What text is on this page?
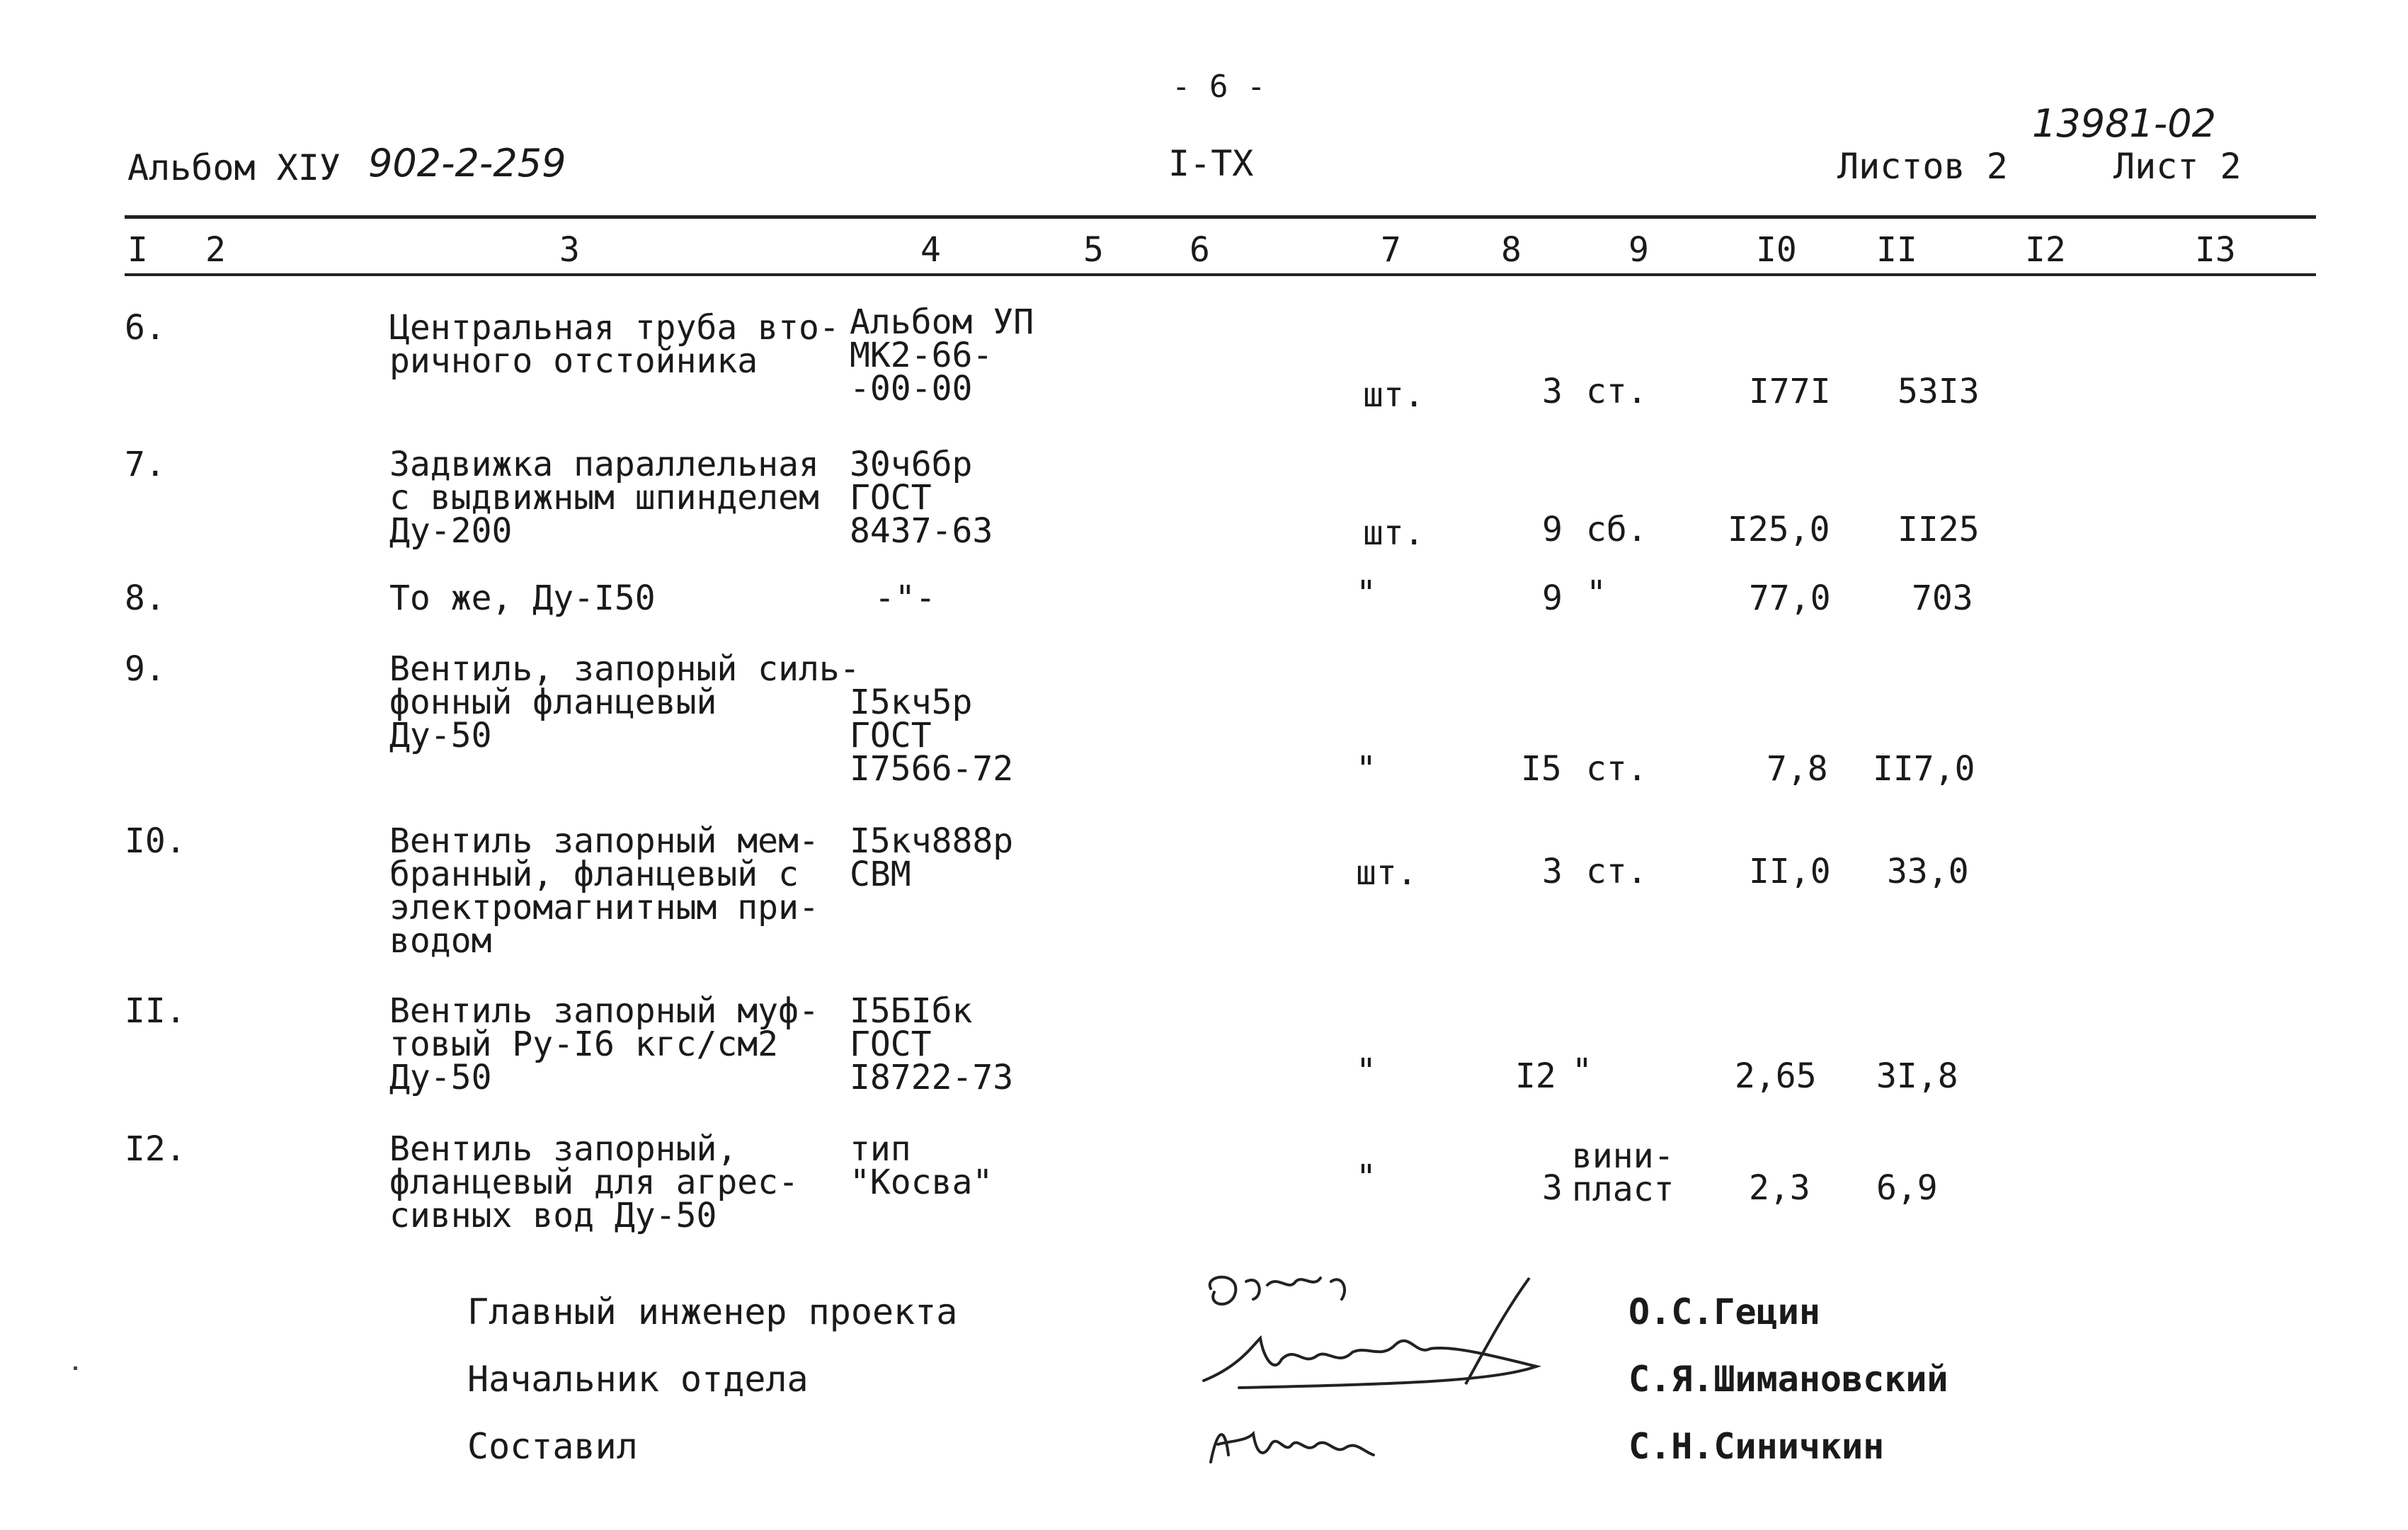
- 6 -
Альбом ХIУ 902-2-259	I-ТХ
13981-02
Листов 2	Лист 2
I 2	3	4	5	6	7	8	9	I0 II	I2	I3
6.	Центральная труба вто-
ричного отстойника
Альбом УП
МК2-66-
-00-00	шт.	3 ст.	I77I 53I3
7.	Задвижка параллельная
с выдвижным шпинделем
Ду-200
30ч6бр
ГОСТ
8437-63	шт.	9 сб. I25,0 II25
8.	То же, Ду-I50	-"-	"	9 "	77,0 703
9.	Вентиль, запорный силь-
фонный фланцевый
Ду-50

I5кч5р
ГОСТ
I7566-72	"	I5 ст.	7,8 II7,0
I0.	Вентиль запорный мем-
бранный, фланцевый с
электромагнитным при-
водом
I5кч888р
СВМ	шт.	3 ст.	II,0 33,0
II.	Вентиль запорный муф-
товый Ру-I6 кгс/см2
Ду-50
I5БIбк
ГОСТ
I8722-73	"	I2 "	2,65 3I,8
I2.	Вентиль запорный,
фланцевый для агрес-
сивных вод Ду-50
тип
"Косва"	"	3
вини-
пласт 2,3 6,9
Главный инженер проекта
Начальник отдела
Составил
О.С.Гецин
С.Я.Шимановский
С.Н.Синичкин
